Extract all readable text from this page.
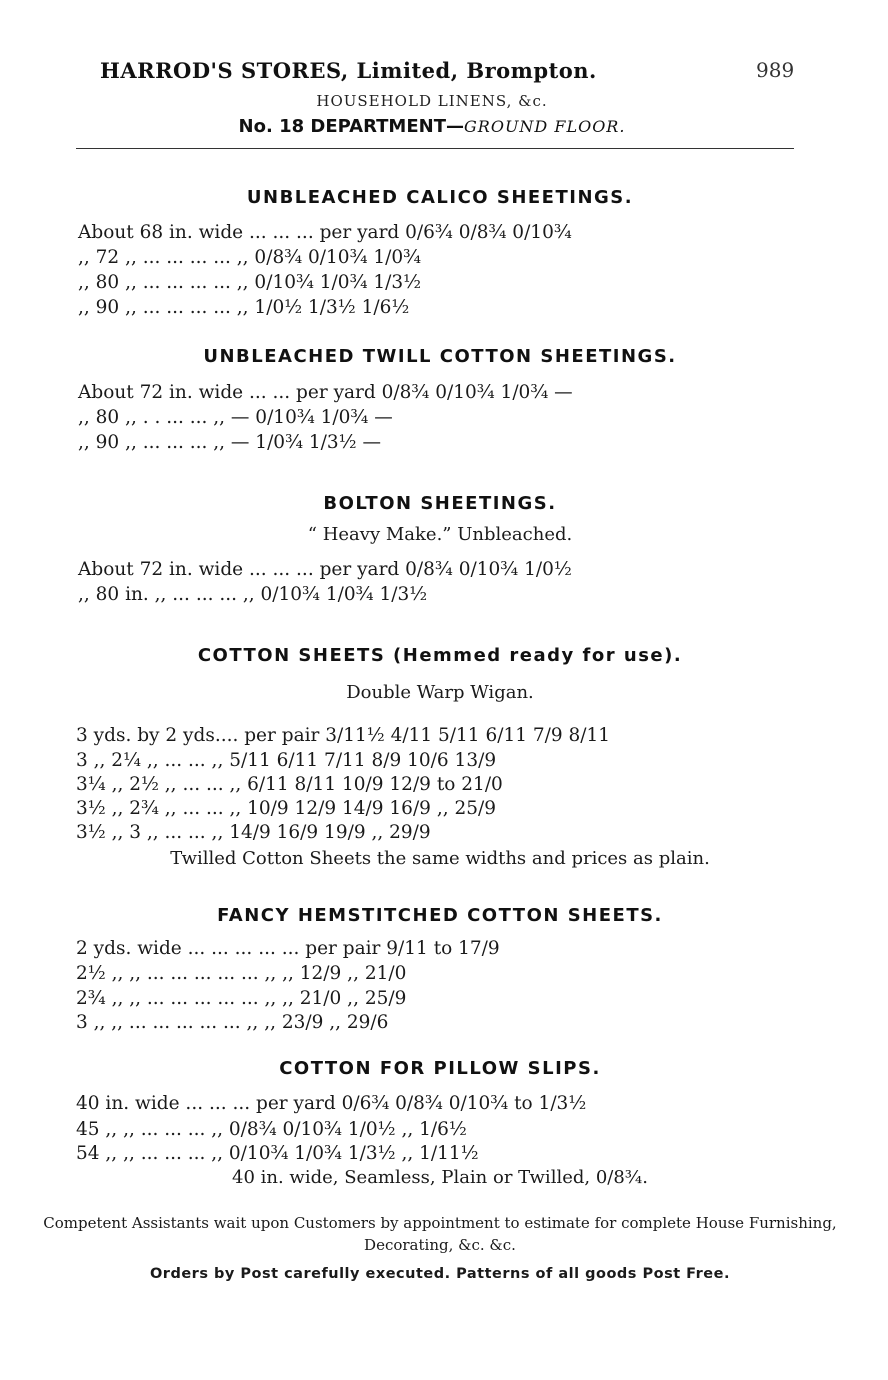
HARROD'S STORES, Limited, Brompton.	989
HOUSEHOLD LINENS, &c.
No. 18 DEPARTMENT—GROUND FLOOR.
UNBLEACHED CALICO SHEETINGS.
About 68 in. wide ... ... ... per yard 0/6¾ 0/8¾ 0/10¾
,, 72 ,, ... ... ... ... ,, 0/8¾ 0/10¾ 1/0¾
,, 80 ,, ... ... ... ... ,, 0/10¾ 1/0¾ 1/3½
,, 90 ,, ... ... ... ... ,, 1/0½ 1/3½ 1/6½
UNBLEACHED TWILL COTTON SHEETINGS.
About 72 in. wide ... ... per yard 0/8¾ 0/10¾ 1/0¾ —
,, 80 ,, . . ... ... ,, — 0/10¾ 1/0¾ —
,, 90 ,, ... ... ... ,, — 1/0¾ 1/3½ —
BOLTON SHEETINGS.
“ Heavy Make.” Unbleached.
About 72 in. wide ... ... ... per yard 0/8¾ 0/10¾ 1/0½
,, 80 in. ,, ... ... ... ,, 0/10¾ 1/0¾ 1/3½
COTTON SHEETS (Hemmed ready for use).
Double Warp Wigan.
3 yds. by 2 yds.... per pair 3/11½ 4/11 5/11 6/11 7/9 8/11
3 ,, 2¼ ,, ... ... ,, 5/11 6/11 7/11 8/9 10/6 13/9
3¼ ,, 2½ ,, ... ... ,, 6/11 8/11 10/9 12/9 to 21/0
3½ ,, 2¾ ,, ... ... ,, 10/9 12/9 14/9 16/9 ,, 25/9
3½ ,, 3 ,, ... ... ,, 14/9 16/9 19/9 ,, 29/9
Twilled Cotton Sheets the same widths and prices as plain.
FANCY HEMSTITCHED COTTON SHEETS.
2 yds. wide ... ... ... ... ... per pair 9/11 to 17/9
2½ ,, ,, ... ... ... ... ... ,, ,, 12/9 ,, 21/0
2¾ ,, ,, ... ... ... ... ... ,, ,, 21/0 ,, 25/9
3 ,, ,, ... ... ... ... ... ,, ,, 23/9 ,, 29/6
COTTON FOR PILLOW SLIPS.
40 in. wide ... ... ... per yard 0/6¾ 0/8¾ 0/10¾ to 1/3½
45 ,, ,, ... ... ... ,, 0/8¾ 0/10¾ 1/0½ ,, 1/6½
54 ,, ,, ... ... ... ,, 0/10¾ 1/0¾ 1/3½ ,, 1/11½
40 in. wide, Seamless, Plain or Twilled, 0/8¾.
Competent Assistants wait upon Customers by appointment to estimate for complete House Furnishing, Decorating, &c. &c.
Orders by Post carefully executed. Patterns of all goods Post Free.
